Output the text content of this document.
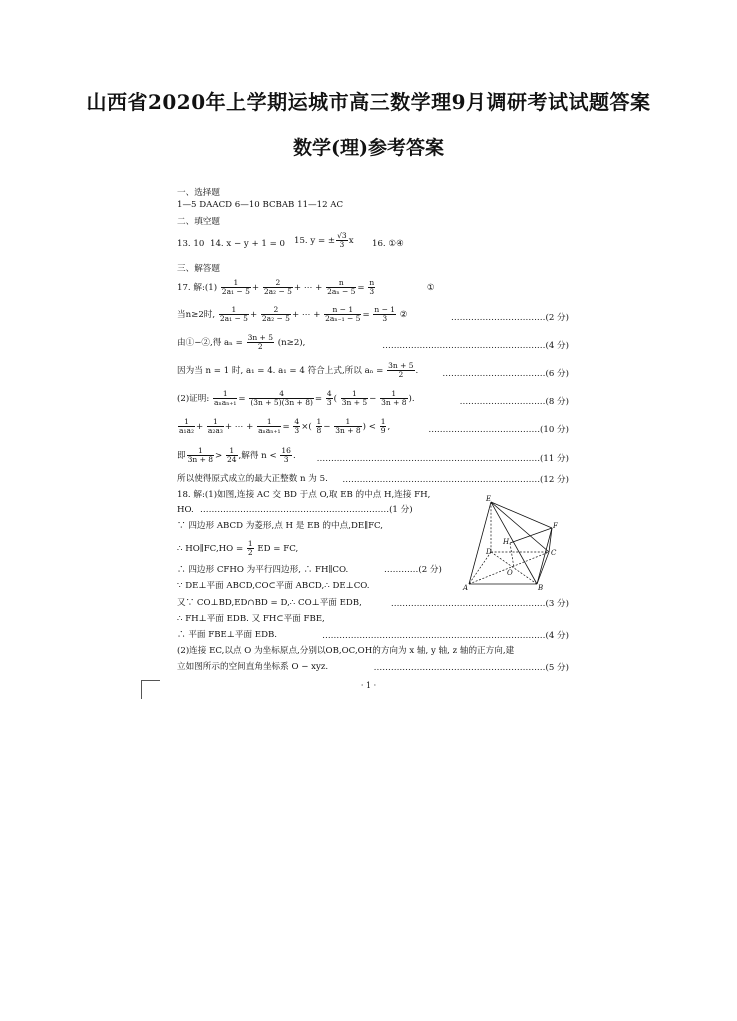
山西省2020年上学期运城市高三数学理9月调研考试试题答案
数学(理)参考答案
一、选择题
1—5 DAACD 6—10 BCBAB 11—12 AC
二、填空题
13. 10 14. x − y + 1 = 0 15. y = ± $\frac{√3}{3}$ x 16. ①④
三、解答题
17. 解:(1) $\frac{1}{\text{2a₁ − 5}} + \frac{2}{\text{2a₂ − 5}}$ + ⋯ + $\frac{n}{\text{2aₙ − 5}} = \frac{n}{3}$	①
当n≥2时, $\frac{1}{\text{2a₁ − 5}} + \frac{2}{\text{2a₂ − 5}}$ + ⋯ + $\frac{n - 1}{\text{2aₙ₋₁ − 5}} = \frac{n - 1}{3}$ ②	……………………………(2 分)
由①−②,得 $a_n = \frac{3n + 5}{2} (n\ge 2)$,	…………………………………………………(4 分)
因为当 n = 1 时, a₁ = 4. a₁ = 4 符合上式,所以 $a_n = \frac{3n + 5}{2}$ .	………………………………(6 分)
(2)证明: $\frac{1}{\text{aₙaₙ₊₁}} = \frac{4}{(3n + 5)(3n + 8)} = \frac{4}{3}$ ( $\frac{1}{3n + 5} - \frac{1}{3n + 8}$ ).	…………………………(8 分)
$\frac{1}{\text{a₁a₂}} + \frac{1}{\text{a₂a₃}}$ + ⋯ + $\frac{1}{\text{aₙaₙ₊₁}} = \frac{4}{3}$ ×( $\frac{1}{8} - \frac{1}{3n + 8}$ ) < $\frac{1}{9}$ ,	…………………………………(10 分)
即 $\frac{1}{3n + 8} > \frac{1}{24}$ ,解得 $n < \frac{16}{3}$ . ……………………………………………………………………(11 分)
所以使得原式成立的最大正整数 n 为 5. ……………………………………………………………(12 分)
18. 解:(1)如图,连接 AC 交 BD 于点 O,取 EB 的中点 H,连接 FH,
HO. …………………………………………………………(1 分)
∵ 四边形 ABCD 为菱形,点 H 是 EB 的中点,DE∥FC,
∴ HO∥FC,HO = $\frac{1}{2}$ ED = FC,
∴ 四边形 CFHO 为平行四边形, ∴ FH∥CO.	…………(2 分)
∵ DE⊥平面 ABCD,CO⊂平面 ABCD,∴ DE⊥CO.
又∵ CO⊥BD,ED∩BD = D,∴ CO⊥平面 EDB,	………………………………………………(3 分)
∴ FH⊥平面 EDB. 又 FH⊂平面 FBE,
∴ 平面 FBE⊥平面 EDB.	……………………………………………………………………(4 分)
(2)连接 EC,以点 O 为坐标原点,分别以OB,OC,OH的方向为 x 轴, y 轴, z 轴的正方向,建
立如图所示的空间直角坐标系 O − xyz.	……………………………………………………(5 分)
E
F
H
D	C
O
A	B
· 1 ·
